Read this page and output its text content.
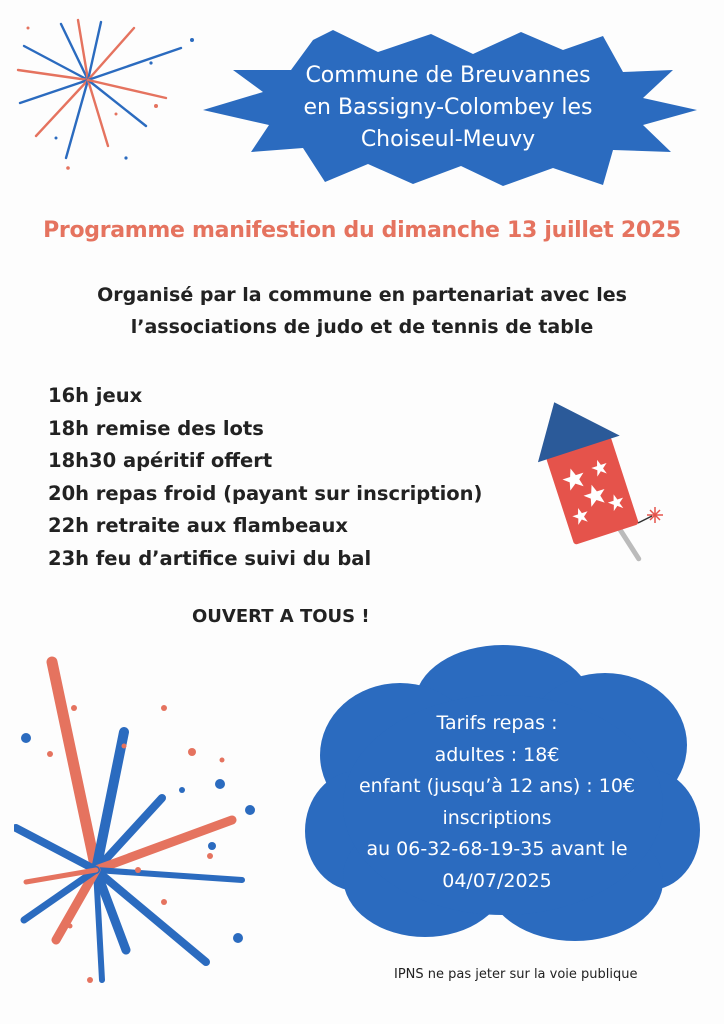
Commune de Breuvannes
en Bassigny-Colombey les
Choiseul-Meuvy
Programme manifestion du dimanche 13 juillet 2025
Organisé par la commune en partenariat avec les
l’associations de judo et de tennis de table
16h jeux
18h remise des lots
18h30 apéritif offert
20h repas froid (payant sur inscription)
22h retraite aux flambeaux
23h feu d’artifice suivi du bal
OUVERT A TOUS !
Tarifs repas :
adultes : 18€
enfant (jusqu’à 12 ans) : 10€
inscriptions
au 06-32-68-19-35 avant le
04/07/2025
IPNS ne pas jeter sur la voie publique
